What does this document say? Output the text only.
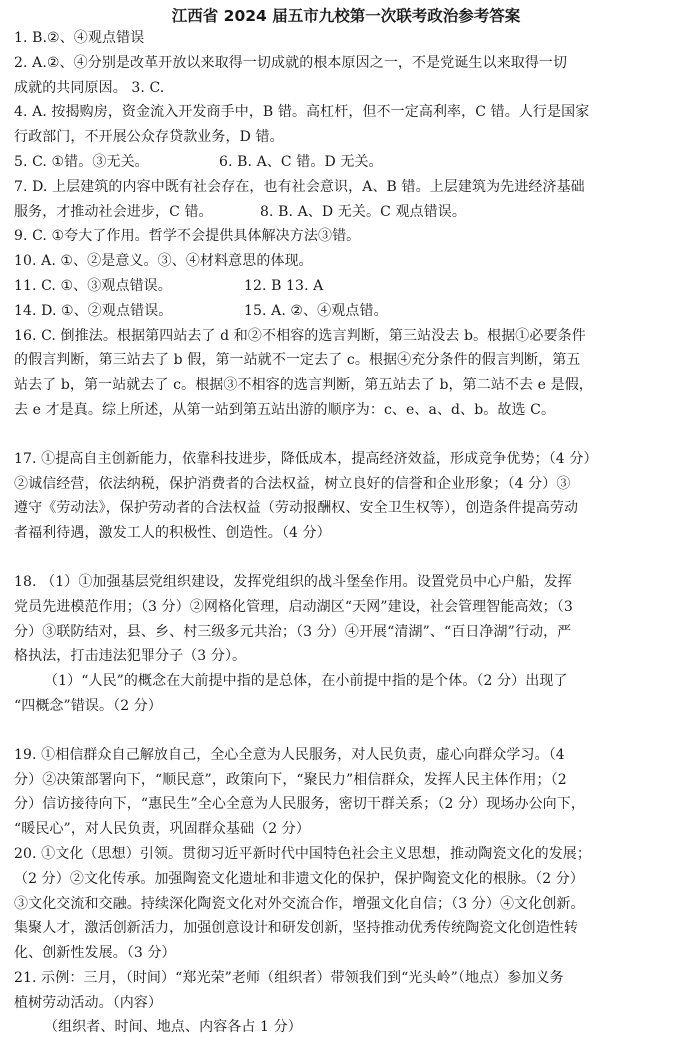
江西省 2024 届五市九校第一次联考政治参考答案
1. B.②、④观点错误
2. A.②、④分别是改革开放以来取得一切成就的根本原因之一，不是党诞生以来取得一切
成就的共同原因。 3. C.
4. A. 按揭购房，资金流入开发商手中，B 错。高杠杆，但不一定高利率，C 错。人行是国家
行政部门，不开展公众存贷款业务，D 错。
5. C. ①错。③无关。	6. B. A、C 错。D 无关。
7. D. 上层建筑的内容中既有社会存在，也有社会意识，A、B 错。上层建筑为先进经济基础
服务，才推动社会进步，C 错。	8. B. A、D 无关。C 观点错误。
9. C. ①夸大了作用。哲学不会提供具体解决方法③错。
10. A. ①、②是意义。③、④材料意思的体现。
11. C. ①、③观点错误。	12. B 13. A
14. D. ①、②观点错误。	15. A. ②、④观点错。
16. C. 倒推法。根据第四站去了 d 和②不相容的选言判断，第三站没去 b。根据①必要条件
的假言判断，第三站去了 b 假，第一站就不一定去了 c。根据④充分条件的假言判断，第五
站去了 b，第一站就去了 c。根据③不相容的选言判断，第五站去了 b，第二站不去 e 是假，
去 e 才是真。综上所述，从第一站到第五站出游的顺序为：c、e、a、d、b。故选 C。
17. ①提高自主创新能力，依靠科技进步，降低成本，提高经济效益，形成竞争优势；（4 分）
②诚信经营，依法纳税，保护消费者的合法权益，树立良好的信誉和企业形象；（4 分）③
遵守《劳动法》，保护劳动者的合法权益（劳动报酬权、安全卫生权等），创造条件提高劳动
者福利待遇，激发工人的积极性、创造性。（4 分）
18. （1）①加强基层党组织建设，发挥党组织的战斗堡垒作用。设置党员中心户船，发挥
党员先进模范作用；（3 分）②网格化管理，启动湖区“天网”建设，社会管理智能高效；（3
分）③联防结对，县、乡、村三级多元共治；（3 分）④开展“清湖”、“百日净湖”行动，严
格执法，打击违法犯罪分子（3 分）。
（1）“人民”的概念在大前提中指的是总体，在小前提中指的是个体。（2 分）出现了
“四概念”错误。（2 分）
19. ①相信群众自己解放自己，全心全意为人民服务，对人民负责，虚心向群众学习。（4
分）②决策部署向下，“顺民意”，政策向下，“聚民力”相信群众，发挥人民主体作用；（2
分）信访接待向下，“惠民生”全心全意为人民服务，密切干群关系；（2 分）现场办公向下，
“暖民心”，对人民负责，巩固群众基础（2 分）
20. ①文化（思想）引领。贯彻习近平新时代中国特色社会主义思想，推动陶瓷文化的发展；
（2 分）②文化传承。加强陶瓷文化遗址和非遗文化的保护，保护陶瓷文化的根脉。（2 分）
③文化交流和交融。持续深化陶瓷文化对外交流合作，增强文化自信；（3 分）④文化创新。
集聚人才，激活创新活力，加强创意设计和研发创新，坚持推动优秀传统陶瓷文化创造性转
化、创新性发展。（3 分）
21. 示例：三月，（时间）“郑光荣”老师（组织者）带领我们到“光头岭”（地点）参加义务
植树劳动活动。（内容）
（组织者、时间、地点、内容各占 1 分）
